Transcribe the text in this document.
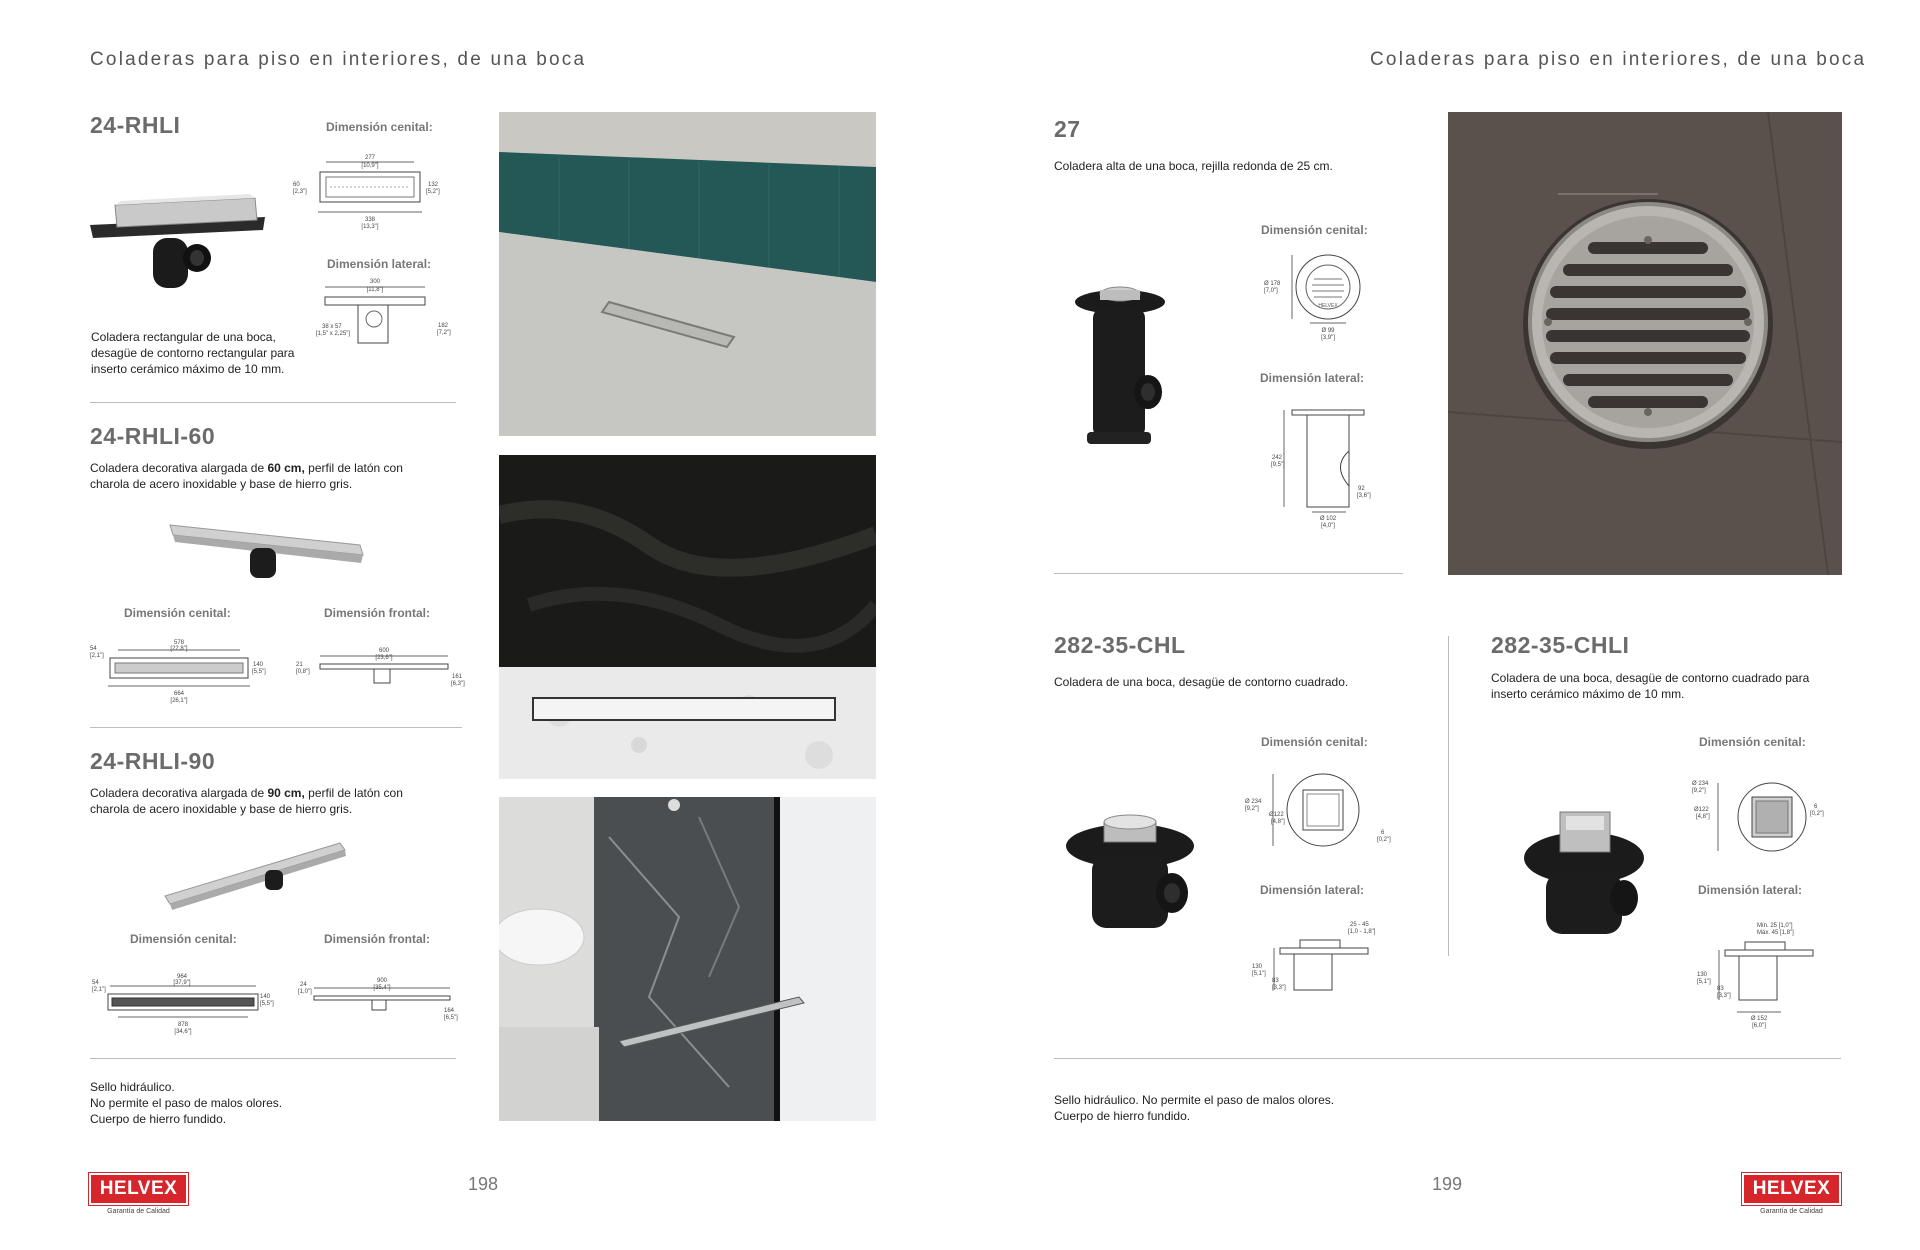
Coladeras para piso en interiores, de una boca
24-RHLI	Dimensión cenital:
Dimensión lateral:
277
[10,9"]
60
[2,3"]
132
[5,2"]
338
[13,3"]
300
[11,8"]
38 x 57
[1,5" x 2,25"]
182
[7,2"]
Coladera rectangular de una boca, desagüe de contorno rectangular para inserto cerámico máximo de 10 mm.
24-RHLI-60
Coladera decorativa alargada de 60 cm, perfil de latón con charola de acero inoxidable y base de hierro gris.
Dimensión cenital:	Dimensión frontal:
578
[22,8"]
54
[2,1"]
140
[5,5"]
664
[26,1"]
600
[23,6"]
21
[0,8"]
161
[6,3"]
24-RHLI-90
Coladera decorativa alargada de 90 cm, perfil de latón con charola de acero inoxidable y base de hierro gris.
Dimensión cenital:	Dimensión frontal:
964
[37,9"]
54
[2,1"]
140
[5,5"]
878
[34,6"]
900
[35,4"]
24
[1,0"]
164
[6,5"]
Sello hidráulico.
No permite el paso de malos olores.
Cuerpo de hierro fundido.
198
HELVEX
Garantía de Calidad
Coladeras para piso en interiores, de una boca
27
Coladera alta de una boca, rejilla redonda de 25 cm.
Dimensión cenital:
HELVEX
Ø 178
[7,0"]
Ø 99
[3,9"]
Dimensión lateral:
242
[9,5"]
92
[3,6"]
Ø 102
[4,0"]
282-35-CHL
Coladera de una boca, desagüe de contorno cuadrado.
Dimensión cenital:
Ø 234
[9,2"]
Ø122
[4,8"]
6
[0,2"]
Dimensión lateral:
25 - 45
[1,0 - 1,8"]
130
[5,1"]
83
[3,3"]
282-35-CHLI
Coladera de una boca, desagüe de contorno cuadrado para inserto cerámico máximo de 10 mm.
Dimensión cenital:
Ø 234
[9,2"]
Ø122
[4,8"]
6
[0,2"]
Dimensión lateral:
Mín. 25 [1,0"]
Máx. 45 [1,8"]
130
[5,1"]
83
[3,3"]
Ø 152
[6,0"]
Sello hidráulico. No permite el paso de malos olores.
Cuerpo de hierro fundido.
199	HELVEX
Garantía de Calidad
